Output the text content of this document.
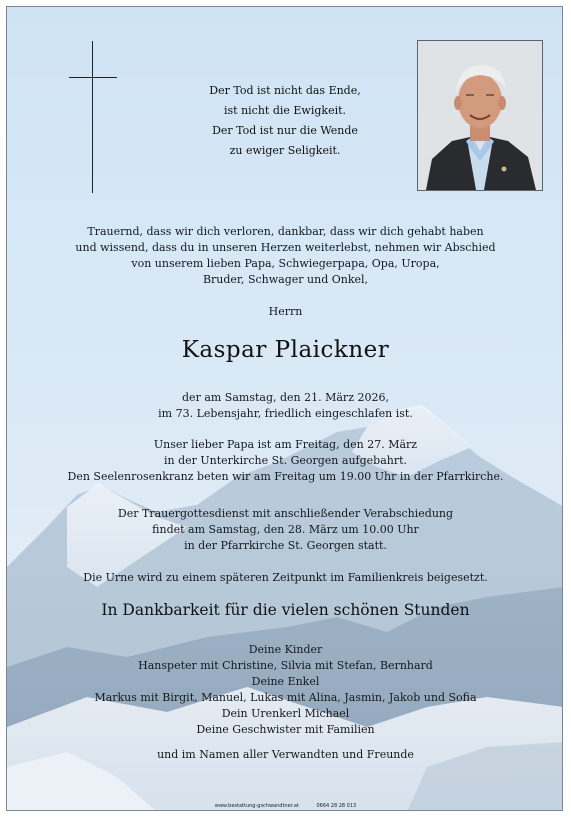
Der Tod ist nicht das Ende,
ist nicht die Ewigkeit.
Der Tod ist nur die Wende
zu ewiger Seligkeit.
Trauernd, dass wir dich verloren, dankbar, dass wir dich gehabt haben
und wissend, dass du in unseren Herzen weiterlebst, nehmen wir Abschied
von unserem lieben Papa, Schwiegerpapa, Opa, Uropa,
Bruder, Schwager und Onkel,
Herrn
Kaspar Plaickner
der am Samstag, den 21. März 2026,
im 73. Lebensjahr, friedlich eingeschlafen ist.
Unser lieber Papa ist am Freitag, den 27. März
in der Unterkirche St. Georgen aufgebahrt.
Den Seelenrosenkranz beten wir am Freitag um 19.00 Uhr in der Pfarrkirche.
Der Trauergottesdienst mit anschließender Verabschiedung
findet am Samstag, den 28. März um 10.00 Uhr
in der Pfarrkirche St. Georgen statt.
Die Urne wird zu einem späteren Zeitpunkt im Familienkreis beigesetzt.
In Dankbarkeit für die vielen schönen Stunden
Deine Kinder
Hanspeter mit Christine, Silvia mit Stefan, Bernhard
Deine Enkel
Markus mit Birgit, Manuel, Lukas mit Alina, Jasmin, Jakob und Sofia
Dein Urenkerl Michael
Deine Geschwister mit Familien
und im Namen aller Verwandten und Freunde
www.bestattung-gschwandtner.at	0664 28 28 013
